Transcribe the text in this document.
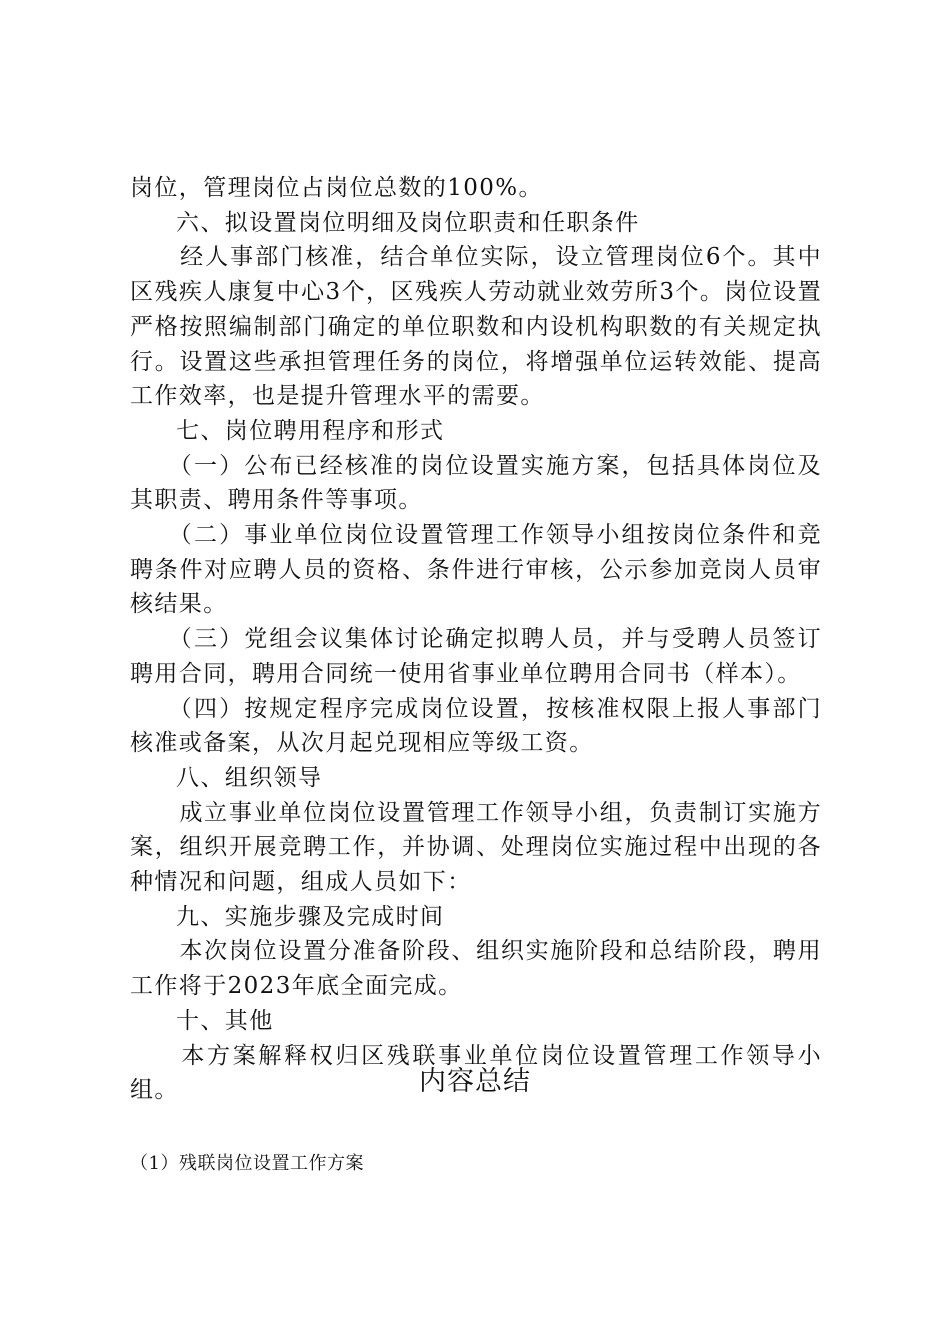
岗位，管理岗位占岗位总数的100%。

六、拟设置岗位明细及岗位职责和任职条件

　　经人事部门核准，结合单位实际，设立管理岗位6个。其中区残疾人康复中心3个，区残疾人劳动就业效劳所3个。岗位设置严格按照编制部门确定的单位职数和内设机构职数的有关规定执行。设置这些承担管理任务的岗位，将增强单位运转效能、提高工作效率，也是提升管理水平的需要。

七、岗位聘用程序和形式

　　（一）公布已经核准的岗位设置实施方案，包括具体岗位及其职责、聘用条件等事项。

　　（二）事业单位岗位设置管理工作领导小组按岗位条件和竞聘条件对应聘人员的资格、条件进行审核，公示参加竞岗人员审核结果。

　　（三）党组会议集体讨论确定拟聘人员，并与受聘人员签订聘用合同，聘用合同统一使用省事业单位聘用合同书（样本）。

　　（四）按规定程序完成岗位设置，按核准权限上报人事部门核准或备案，从次月起兑现相应等级工资。

八、组织领导

　　成立事业单位岗位设置管理工作领导小组，负责制订实施方案，组织开展竞聘工作，并协调、处理岗位实施过程中出现的各种情况和问题，组成人员如下：

九、实施步骤及完成时间

　　本次岗位设置分准备阶段、组织实施阶段和总结阶段，聘用工作将于2023年底全面完成。

十、其他

　　本方案解释权归区残联事业单位岗位设置管理工作领导小组。	内容总结
（1）残联岗位设置工作方案
